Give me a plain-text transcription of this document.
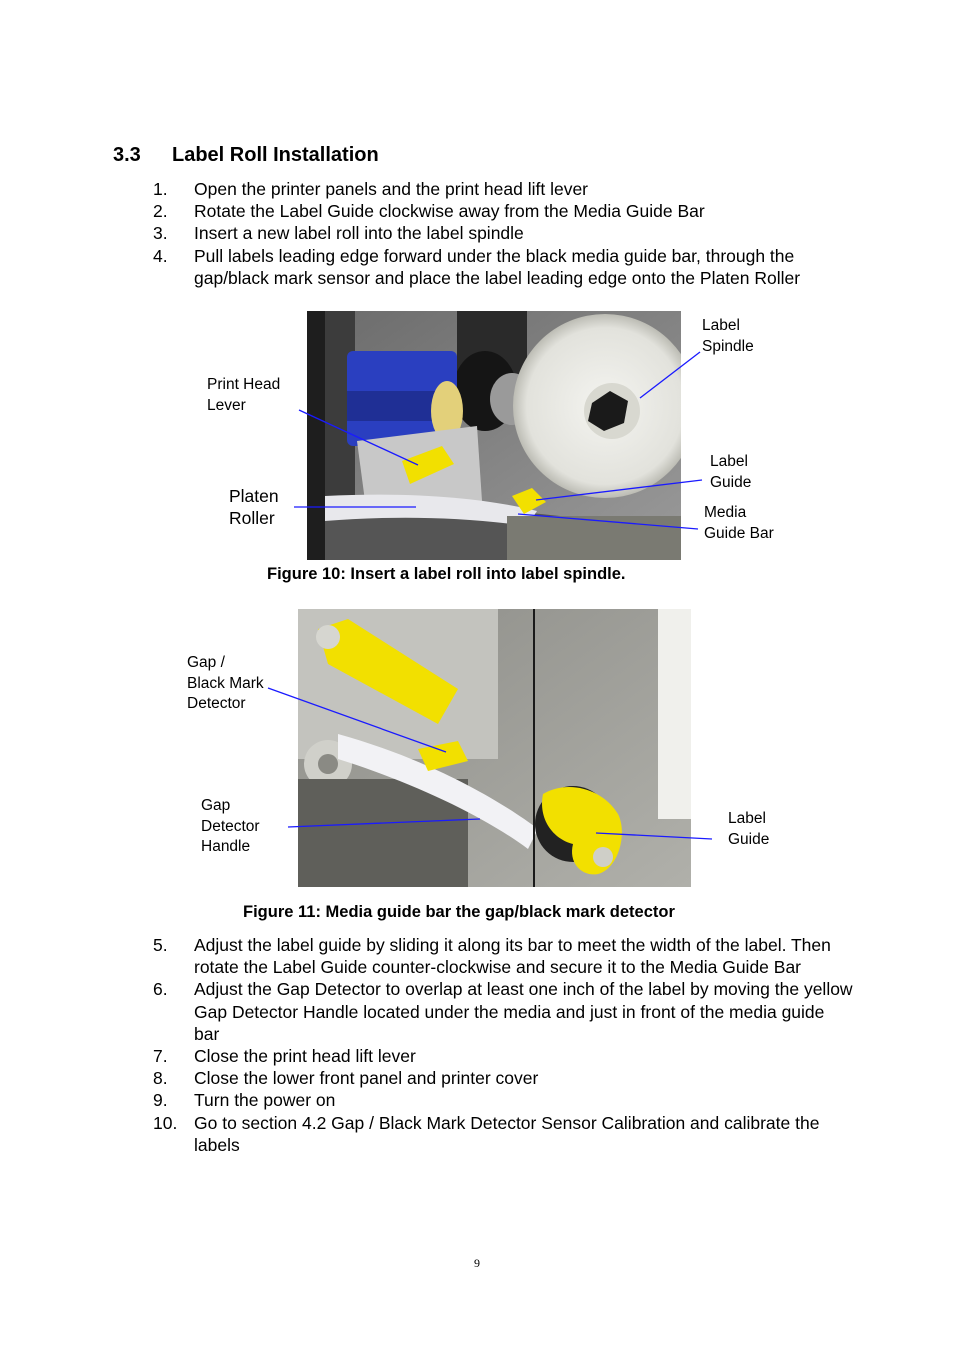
3.3 Label Roll Installation
1. Open the printer panels and the print head lift lever
2. Rotate the Label Guide clockwise away from the Media Guide Bar
3. Insert a new label roll into the label spindle
4. Pull labels leading edge forward under the black media guide bar, through the gap/black mark sensor and place the label leading edge onto the Platen Roller
Label
Spindle
Print Head
Lever
Label
Guide
Platen
Roller	Media
Guide Bar
Figure 10: Insert a label roll into label spindle.
Gap /
Black Mark
Detector
Gap
Detector
Handle
Label
Guide
Figure 11: Media guide bar the gap/black mark detector
5. Adjust the label guide by sliding it along its bar to meet the width of the label. Then rotate the Label Guide counter-clockwise and secure it to the Media Guide Bar
6. Adjust the Gap Detector to overlap at least one inch of the label by moving the yellow Gap Detector Handle located under the media and just in front of the media guide bar
7. Close the print head lift lever
8. Close the lower front panel and printer cover
9. Turn the power on
10. Go to section 4.2 Gap / Black Mark Detector Sensor Calibration and calibrate the labels
9
